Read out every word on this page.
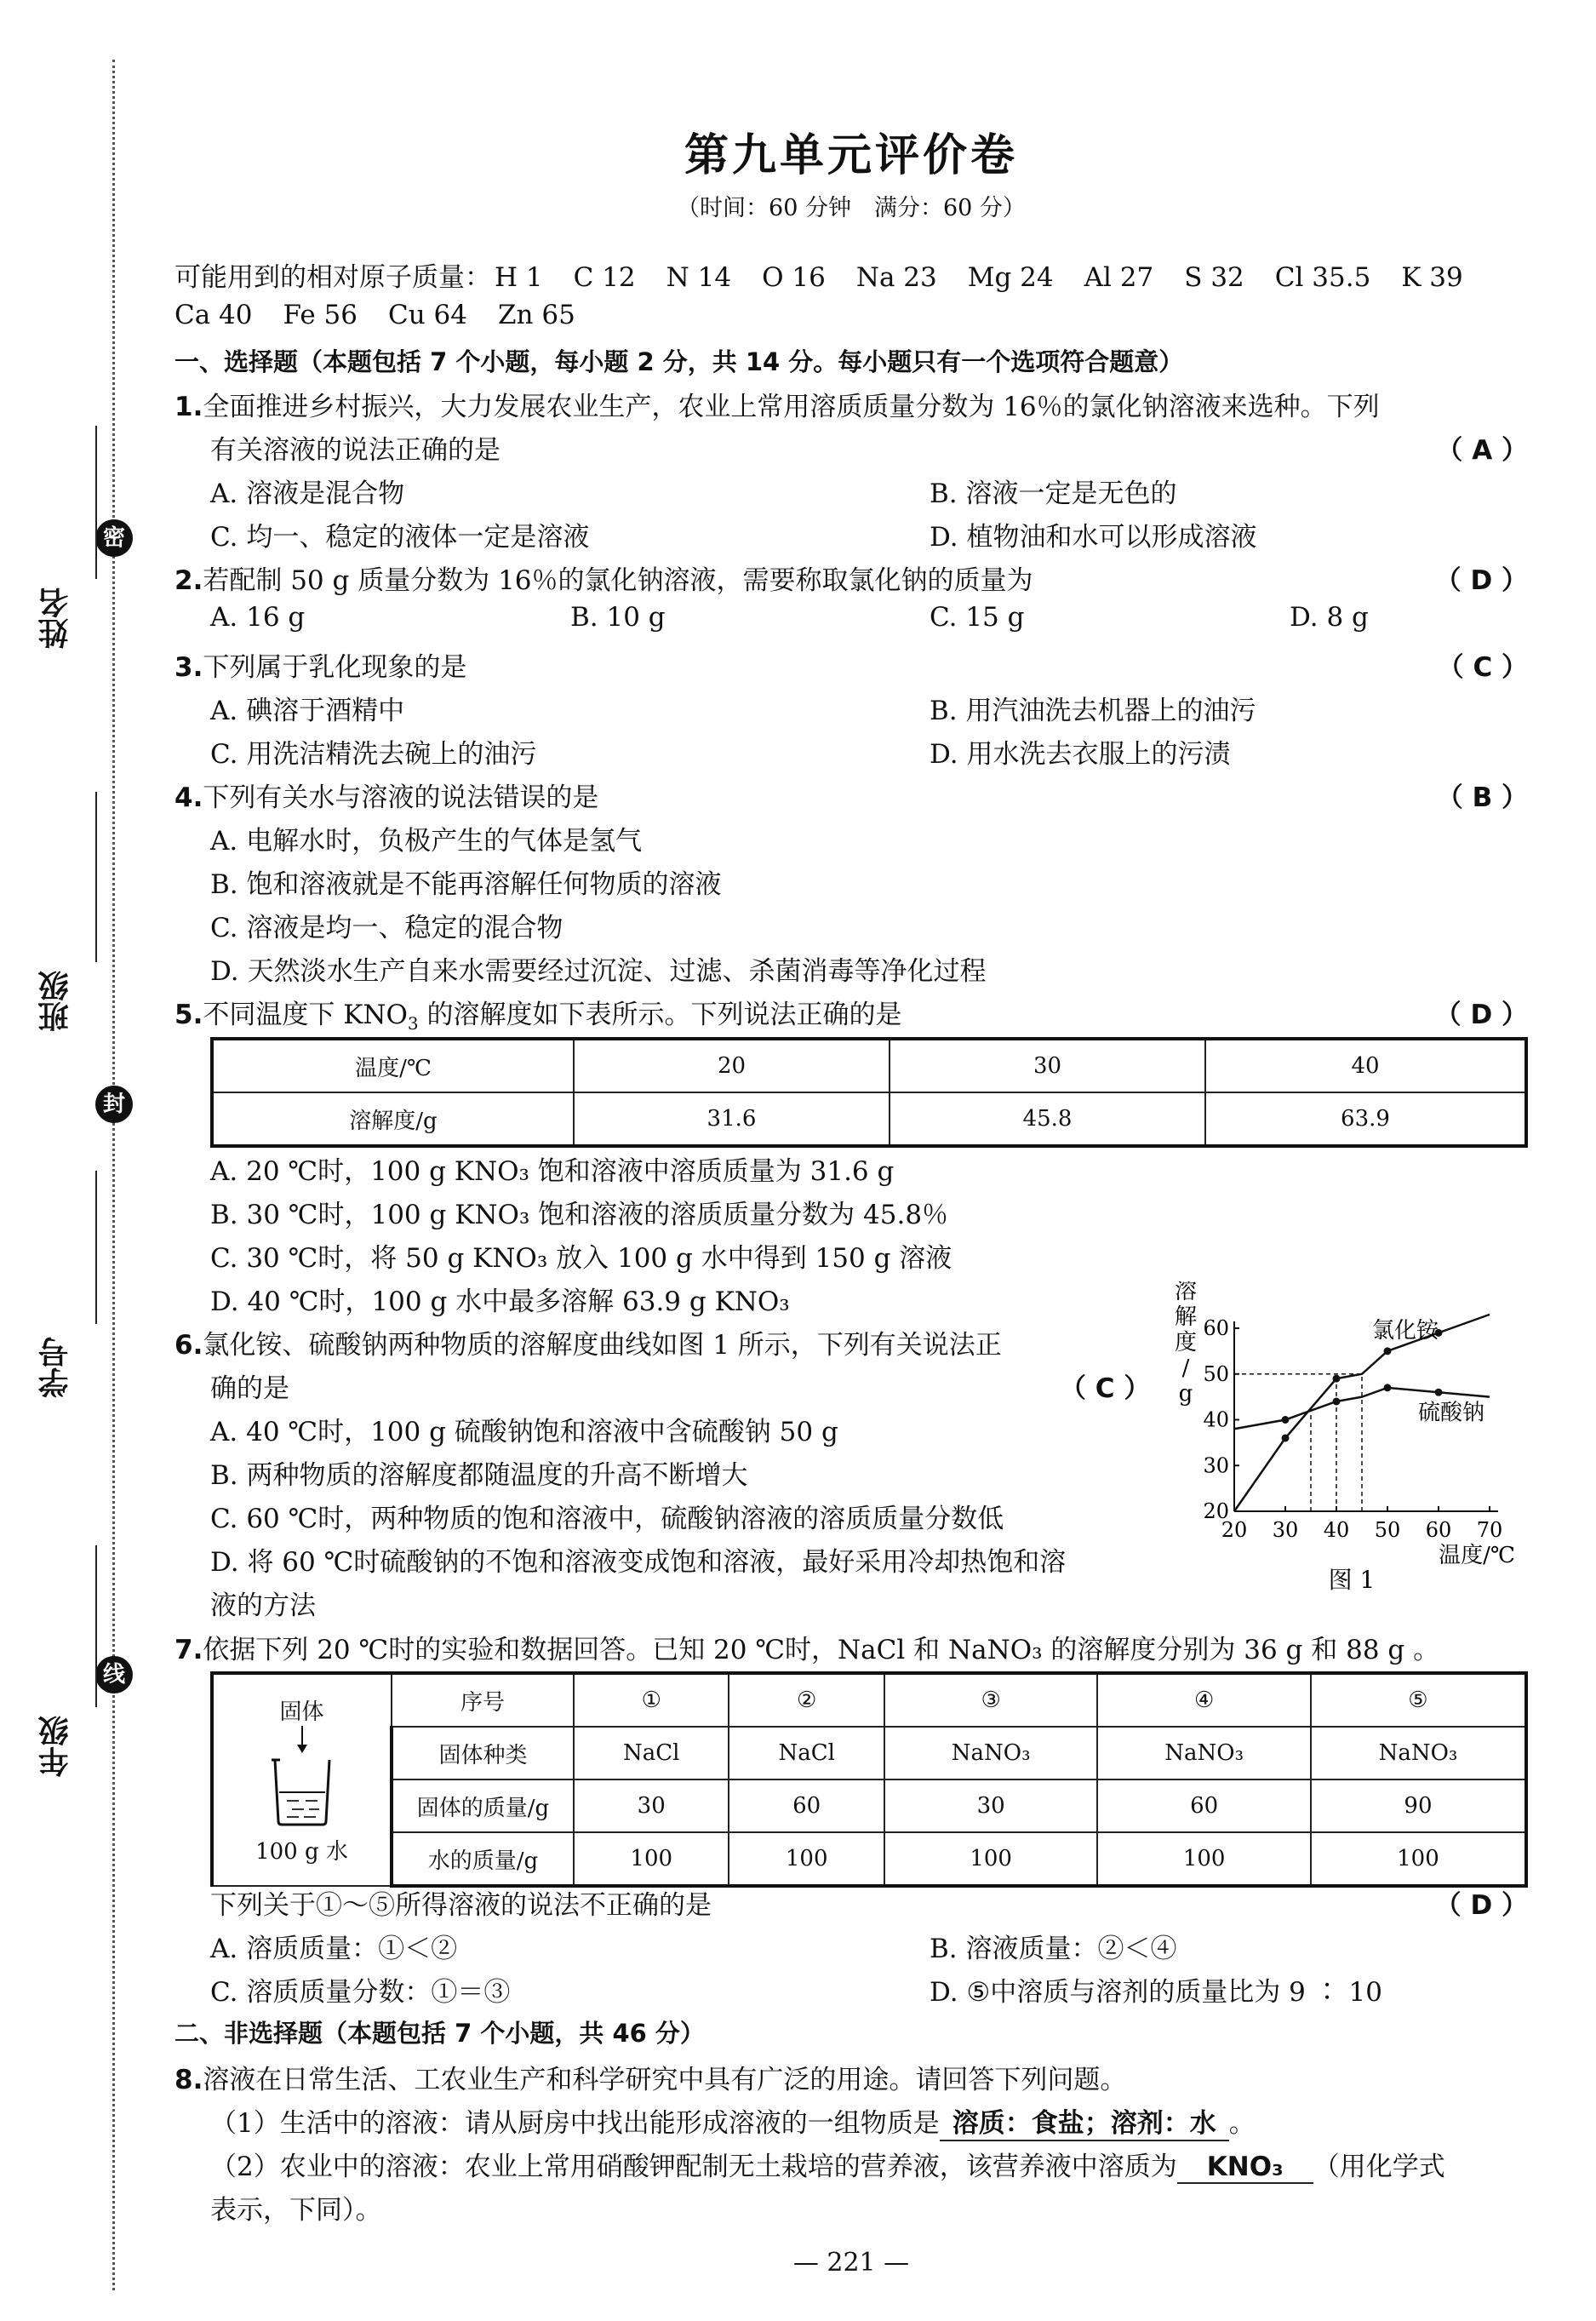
密
封
线
姓名
班级
学号
年级
第九单元评价卷
（时间：60 分钟　满分：60 分）
可能用到的相对原子质量： H 1 C 12 N 14 O 16 Na 23 Mg 24 Al 27 S 32 Cl 35.5 K 39
Ca 40 Fe 56 Cu 64 Zn 65
一、选择题（本题包括 7 个小题，每小题 2 分，共 14 分。每小题只有一个选项符合题意）
1.全面推进乡村振兴，大力发展农业生产，农业上常用溶质质量分数为 16％的氯化钠溶液来选种。下列
有关溶液的说法正确的是	（ A ）
A. 溶液是混合物	B. 溶液一定是无色的
C. 均一、稳定的液体一定是溶液	D. 植物油和水可以形成溶液
2.若配制 50 g 质量分数为 16％的氯化钠溶液，需要称取氯化钠的质量为	（ D ）
A. 16 g	B. 10 g	C. 15 g	D. 8 g
3.下列属于乳化现象的是	（ C ）
A. 碘溶于酒精中	B. 用汽油洗去机器上的油污
C. 用洗洁精洗去碗上的油污	D. 用水洗去衣服上的污渍
4.下列有关水与溶液的说法错误的是	（ B ）
A. 电解水时，负极产生的气体是氢气
B. 饱和溶液就是不能再溶解任何物质的溶液
C. 溶液是均一、稳定的混合物
D. 天然淡水生产自来水需要经过沉淀、过滤、杀菌消毒等净化过程
5.不同温度下 $KNO_3$ 的溶解度如下表所示。下列说法正确的是	（ D ）
温度/℃	20	30	40
溶解度/g	31.6	45.8	63.9
A. 20 ℃时，100 g KNO₃ 饱和溶液中溶质质量为 31.6 g
B. 30 ℃时，100 g KNO₃ 饱和溶液的溶质质量分数为 45.8％
C. 30 ℃时，将 50 g KNO₃ 放入 100 g 水中得到 150 g 溶液
D. 40 ℃时，100 g 水中最多溶解 63.9 g KNO₃
6.氯化铵、硫酸钠两种物质的溶解度曲线如图 1 所示，下列有关说法正
确的是	（ C ）
A. 40 ℃时，100 g 硫酸钠饱和溶液中含硫酸钠 50 g
B. 两种物质的溶解度都随温度的升高不断增大
C. 60 ℃时，两种物质的饱和溶液中，硫酸钠溶液的溶质质量分数低
D. 将 60 ℃时硫酸钠的不饱和溶液变成饱和溶液，最好采用冷却热饱和溶
液的方法
7.依据下列 20 ℃时的实验和数据回答。已知 20 ℃时，NaCl 和 NaNO₃ 的溶解度分别为 36 g 和 88 g 。
固体
100 g 水	序号	①	②	③	④	⑤
	固体种类	NaCl	NaCl	NaNO₃	NaNO₃	NaNO₃
	固体的质量/g	30	60	30	60	90
	水的质量/g	100	100	100	100	100
下列关于①～⑤所得溶液的说法不正确的是	（ D ）
A. 溶质质量：①＜②	B. 溶液质量：②＜④
C. 溶质质量分数：①＝③	D. ⑤中溶质与溶剂的质量比为 9 ∶ 10
二、非选择题（本题包括 7 个小题，共 46 分）
8.溶液在日常生活、工农业生产和科学研究中具有广泛的用途。请回答下列问题。
（1）生活中的溶液：请从厨房中找出能形成溶液的一组物质是 溶质：食盐；溶剂：水 。
（2）农业中的溶液：农业上常用硝酸钾配制无土栽培的营养液，该营养液中溶质为 KNO₃ （用化学式
表示，下同）。
— 221 —
20 30 40 50 60 70
20
30
40
50
60
溶
解
度
/
g
温度/℃
氯化铵
硫酸钠
图 1
